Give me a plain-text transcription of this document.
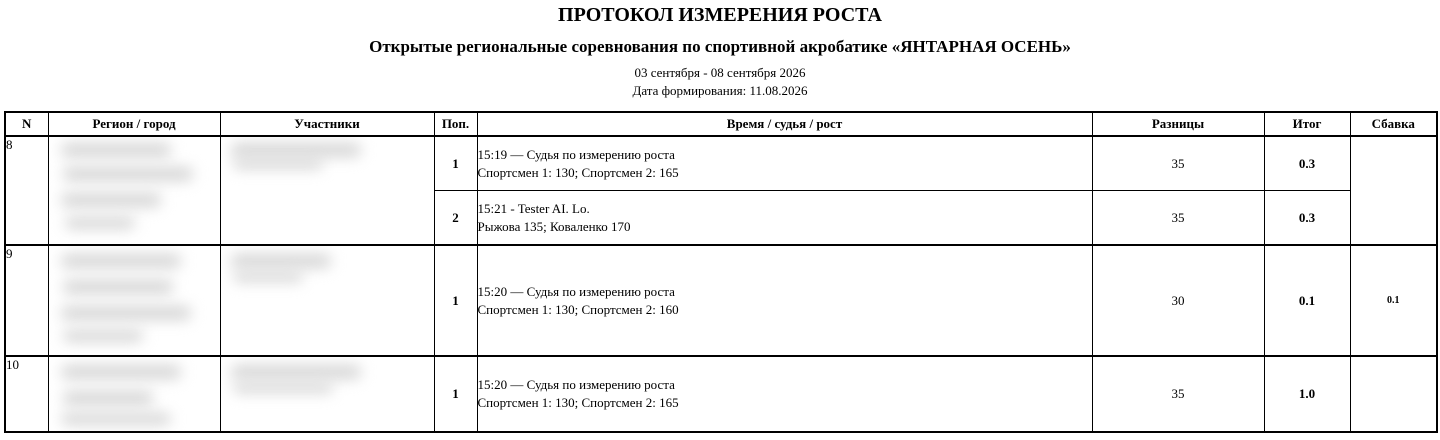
ПРОТОКОЛ ИЗМЕРЕНИЯ РОСТА
Открытые региональные соревнования по спортивной акробатике «ЯНТАРНАЯ ОСЕНЬ»
03 сентября - 08 сентября 2026
Дата формирования: 11.08.2026
N	Регион / город	Участники	Поп.	Время / судья / рост	Разницы	Итог	Сбавка
8			1	15:19 — Судья по измерению роста
Спортсмен 1: 130; Спортсмен 2: 165	35	0.3	
			2	15:21 - Tester AI. Lo.
Рыжова 135; Коваленко 170	35	0.3	
9			1	15:20 — Судья по измерению роста
Спортсмен 1: 130; Спортсмен 2: 160	30	0.1	0.1
10			1	15:20 — Судья по измерению роста
Спортсмен 1: 130; Спортсмен 2: 165	35	1.0	
